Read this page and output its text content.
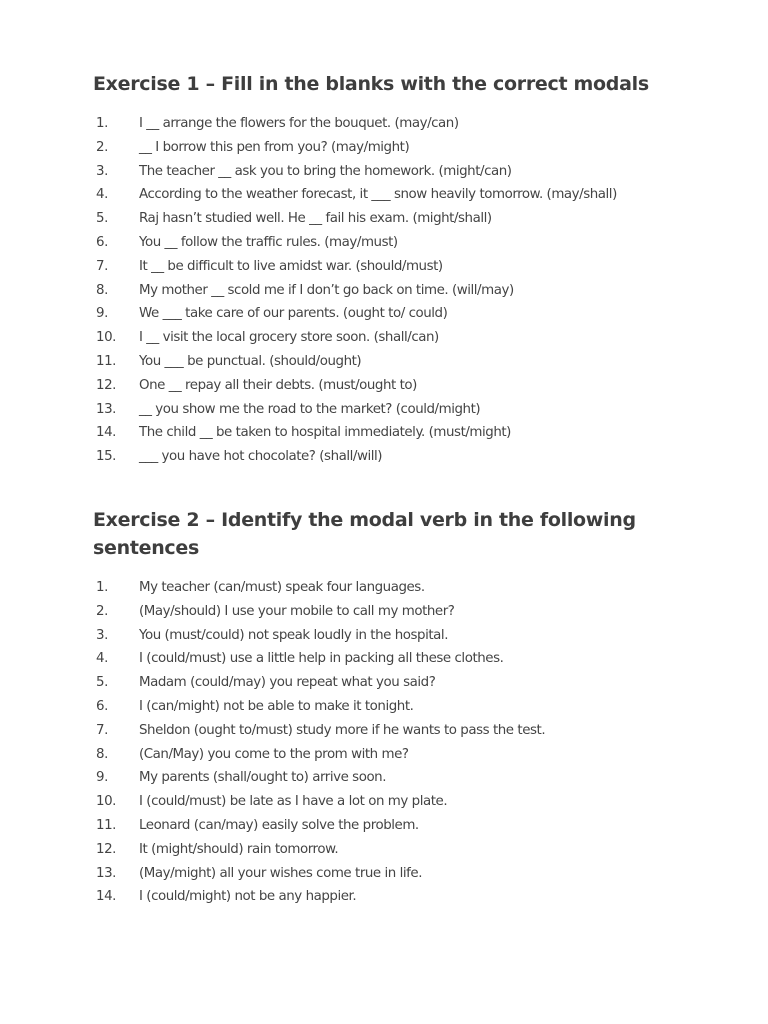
Exercise 1 – Fill in the blanks with the correct modals
1.	I __ arrange the flowers for the bouquet. (may/can)
2.	__ I borrow this pen from you? (may/might)
3.	The teacher __ ask you to bring the homework. (might/can)
4.	According to the weather forecast, it ___ snow heavily tomorrow. (may/shall)
5.	Raj hasn’t studied well. He __ fail his exam. (might/shall)
6.	You __ follow the traffic rules. (may/must)
7.	It __ be difficult to live amidst war. (should/must)
8.	My mother __ scold me if I don’t go back on time. (will/may)
9.	We ___ take care of our parents. (ought to/ could)
10.	I __ visit the local grocery store soon. (shall/can)
11.	You ___ be punctual. (should/ought)
12.	One __ repay all their debts. (must/ought to)
13.	__ you show me the road to the market? (could/might)
14.	The child __ be taken to hospital immediately. (must/might)
15.	___ you have hot chocolate? (shall/will)
Exercise 2 – Identify the modal verb in the following sentences
1.	My teacher (can/must) speak four languages.
2.	(May/should) I use your mobile to call my mother?
3.	You (must/could) not speak loudly in the hospital.
4.	I (could/must) use a little help in packing all these clothes.
5.	Madam (could/may) you repeat what you said?
6.	I (can/might) not be able to make it tonight.
7.	Sheldon (ought to/must) study more if he wants to pass the test.
8.	(Can/May) you come to the prom with me?
9.	My parents (shall/ought to) arrive soon.
10.	I (could/must) be late as I have a lot on my plate.
11.	Leonard (can/may) easily solve the problem.
12.	It (might/should) rain tomorrow.
13.	(May/might) all your wishes come true in life.
14.	I (could/might) not be any happier.
